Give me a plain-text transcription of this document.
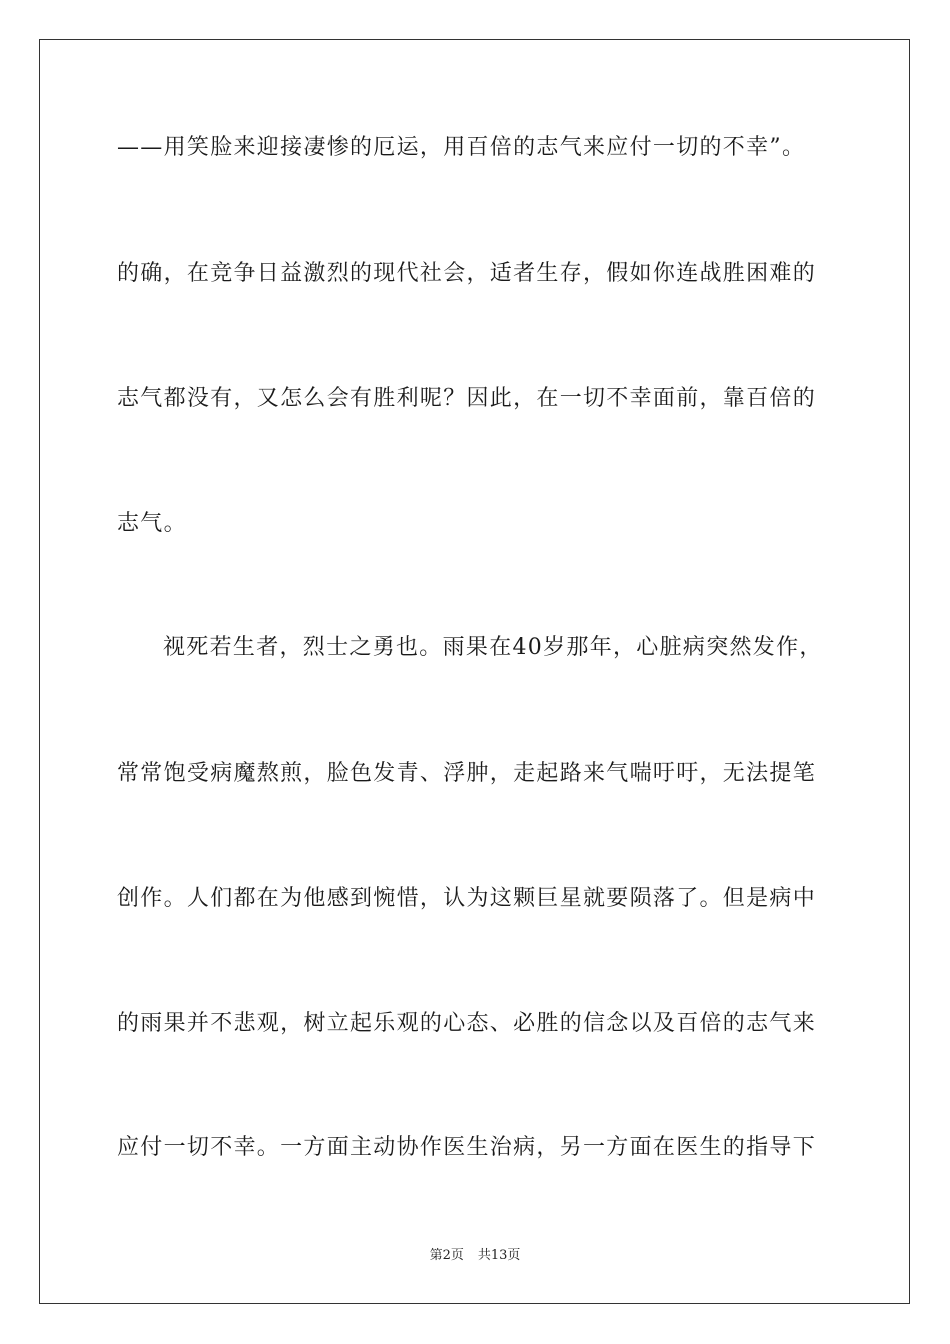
——用笑脸来迎接凄惨的厄运，用百倍的志气来应付一切的不幸”。
的确，在竞争日益激烈的现代社会，适者生存，假如你连战胜困难的
志气都没有，又怎么会有胜利呢？因此，在一切不幸面前，靠百倍的
志气。
视死若生者，烈士之勇也。雨果在40岁那年，心脏病突然发作，
常常饱受病魔熬煎，脸色发青、浮肿，走起路来气喘吁吁，无法提笔
创作。人们都在为他感到惋惜，认为这颗巨星就要陨落了。但是病中
的雨果并不悲观，树立起乐观的心态、必胜的信念以及百倍的志气来
应付一切不幸。一方面主动协作医生治病，另一方面在医生的指导下
第2页 共13页
